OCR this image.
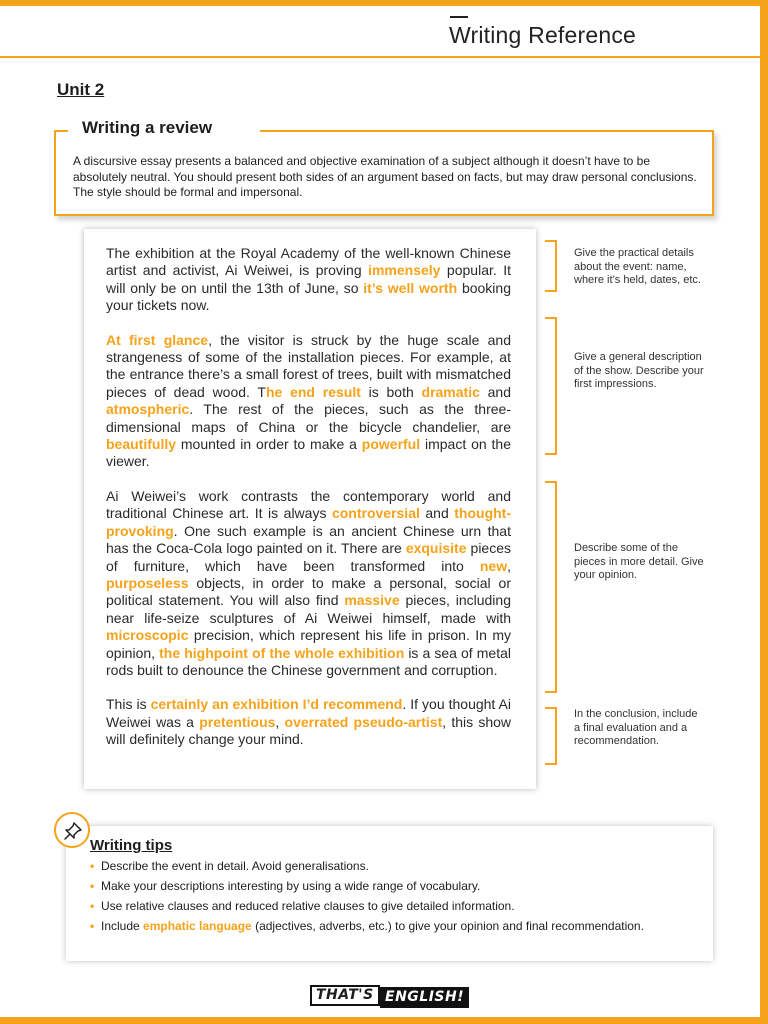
Writing Reference
Unit 2
Writing a review
A discursive essay presents a balanced and objective examination of a subject although it doesn’t have to be absolutely neutral. You should present both sides of an argument based on facts, but may draw personal conclusions. The style should be formal and impersonal.

The exhibition at the Royal Academy of the well-known Chinese artist and activist, Ai Weiwei, is proving immensely popular. It will only be on until the 13th of June, so it’s well worth booking your tickets now.

At first glance, the visitor is struck by the huge scale and strangeness of some of the installation pieces. For example, at the entrance there’s a small forest of trees, built with mismatched pieces of dead wood. The end result is both dramatic and atmospheric. The rest of the pieces, such as the three-dimensional maps of China or the bicycle chandelier, are beautifully mounted in order to make a powerful impact on the viewer.

Ai Weiwei’s work contrasts the contemporary world and traditional Chinese art. It is always controversial and thought-provoking. One such example is an ancient Chinese urn that has the Coca-Cola logo painted on it. There are exquisite pieces of furniture, which have been transformed into new, purposeless objects, in order to make a personal, social or political statement. You will also find massive pieces, including near life-seize sculptures of Ai Weiwei himself, made with microscopic precision, which represent his life in prison. In my opinion, the highpoint of the whole exhibition is a sea of metal rods built to denounce the Chinese government and corruption.

This is certainly an exhibition I’d recommend. If you thought Ai Weiwei was a pretentious, overrated pseudo-artist, this show will definitely change your mind.

Give the practical details about the event: name, where it’s held, dates, etc.
Give a general description of the show. Describe your first impressions.
Describe some of the pieces in more detail. Give your opinion.
In the conclusion, include a final evaluation and a recommendation.
Writing tips
• Describe the event in detail. Avoid generalisations.
• Make your descriptions interesting by using a wide range of vocabulary.
• Use relative clauses and reduced relative clauses to give detailed information.
• Include emphatic language (adjectives, adverbs, etc.) to give your opinion and final recommendation.
THAT'S ENGLISH!
